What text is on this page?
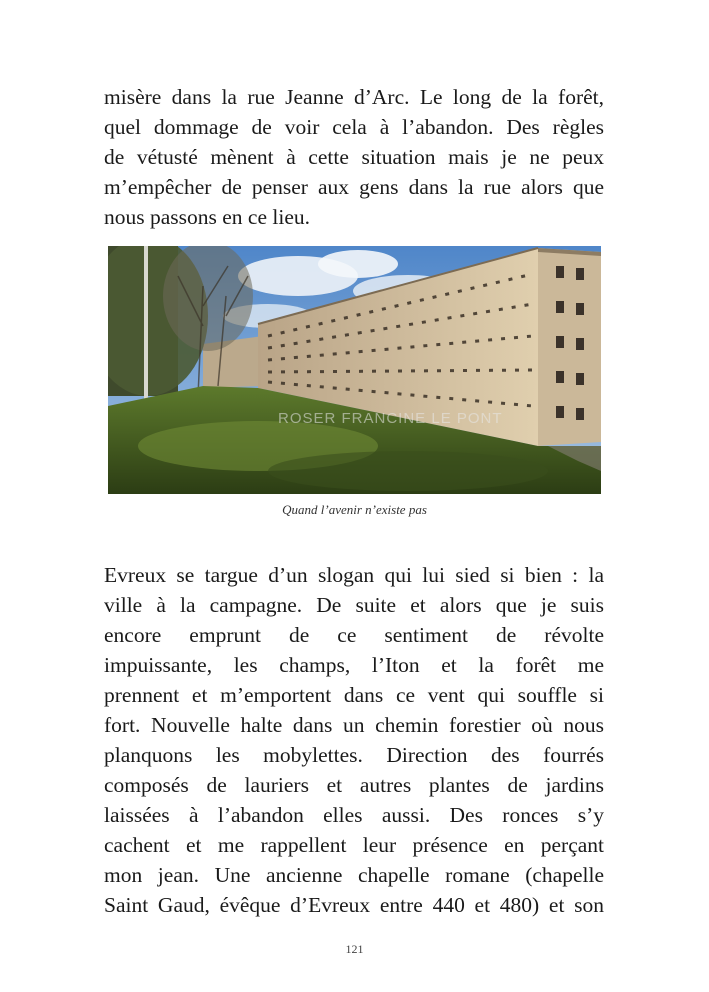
misère dans la rue Jeanne d’Arc. Le long de la forêt,
quel dommage de voir cela à l’abandon. Des règles
de vétusté mènent à cette situation mais je ne peux
m’empêcher de penser aux gens dans la rue alors que
nous passons en ce lieu.
ROSER FRANCINE LE PONT
Quand l’avenir n’existe pas
Evreux se targue d’un slogan qui lui sied si bien : la
ville à la campagne. De suite et alors que je suis
encore emprunt de ce sentiment de révolte
impuissante, les champs, l’Iton et la forêt me
prennent et m’emportent dans ce vent qui souffle si
fort. Nouvelle halte dans un chemin forestier où nous
planquons les mobylettes. Direction des fourrés
composés de lauriers et autres plantes de jardins
laissées à l’abandon elles aussi. Des ronces s’y
cachent et me rappellent leur présence en perçant
mon jean. Une ancienne chapelle romane (chapelle
Saint Gaud, évêque d’Evreux entre 440 et 480) et son
121
